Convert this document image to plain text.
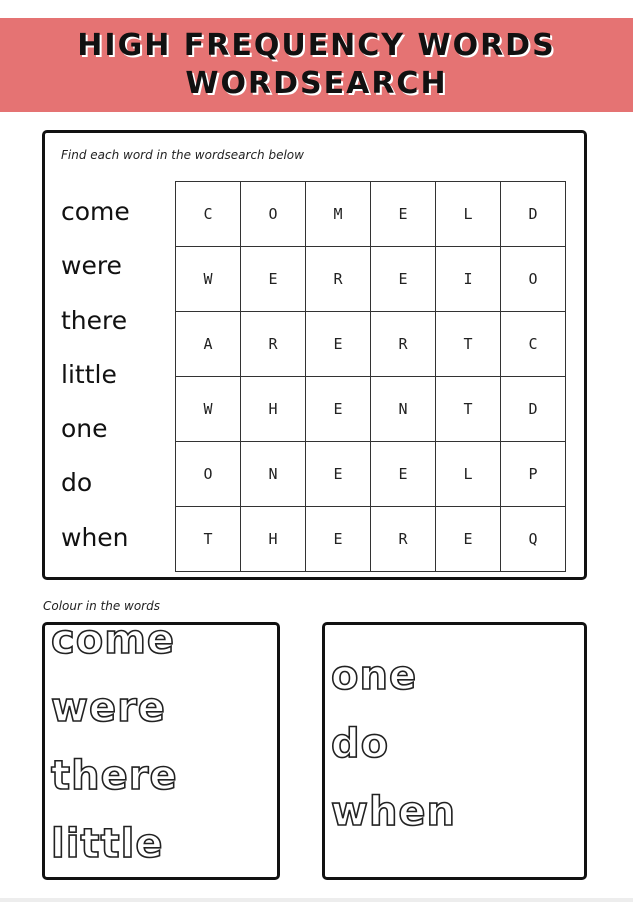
HIGH FREQUENCY WORDS
WORDSEARCH
Find each word in the wordsearch below
come
were
there
little
one
do
when
C	O	M	E	L	D
W	E	R	E	I	O
A	R	E	R	T	C
W	H	E	N	T	D
O	N	E	E	L	P
T	H	E	R	E	Q
Colour in the words
come
were
there
little
one
do
when
